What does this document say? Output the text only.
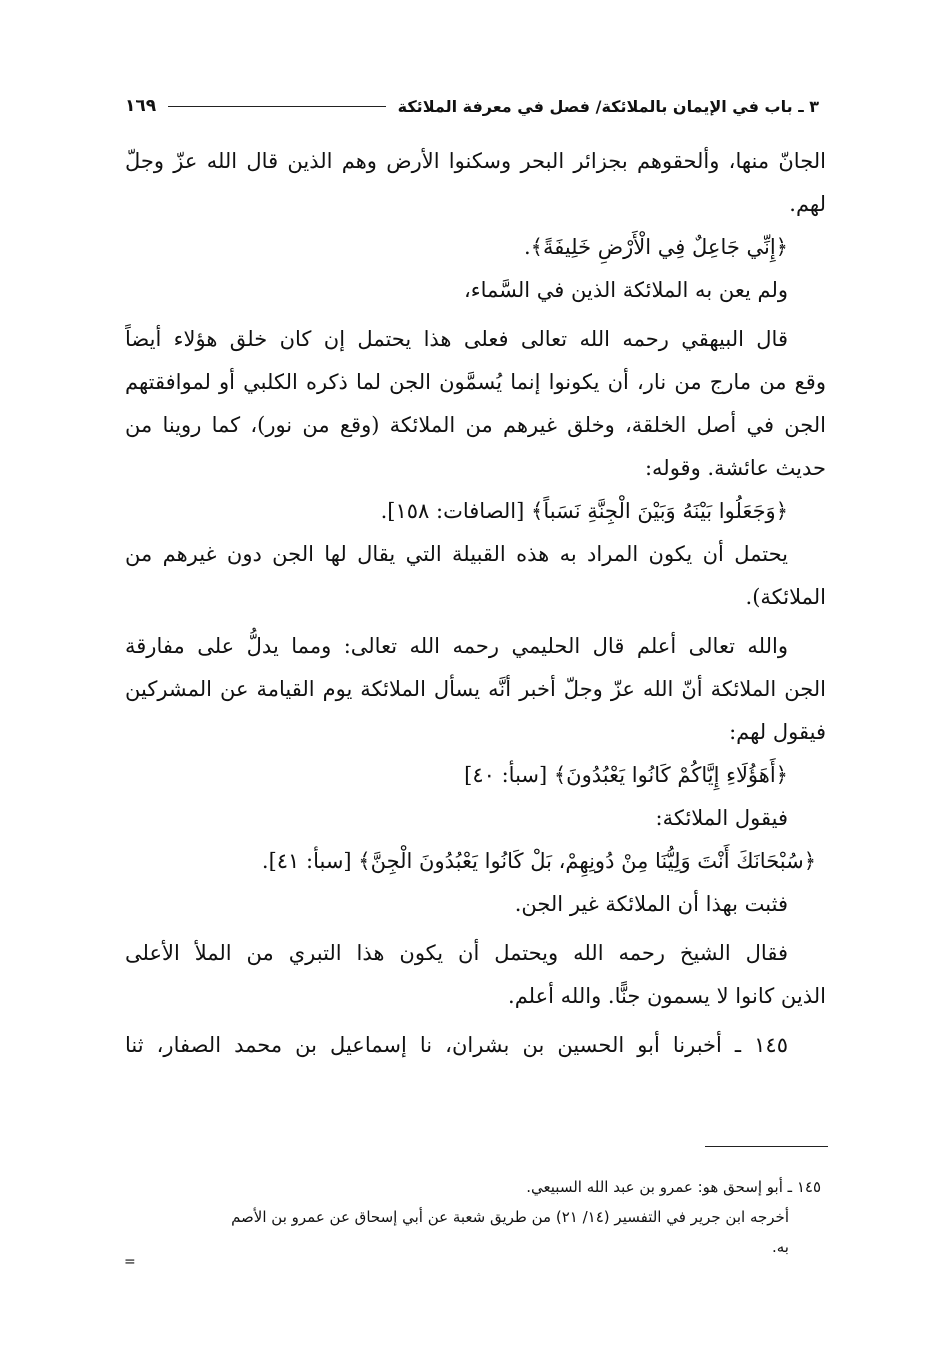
٣ ـ باب في الإيمان بالملائكة/ فصل في معرفة الملائكة
١٦٩
الجانّ منها، وألحقوهم بجزائر البحر وسكنوا الأرض وهم الذين قال الله عزّ وجلّ
لهم.
﴿إِنِّي جَاعِلٌ فِي الْأَرْضِ خَلِيفَةً﴾.
ولم يعن به الملائكة الذين في السَّماء،
قال البيهقي رحمه الله تعالى فعلى هذا يحتمل إن كان خلق هؤلاء أيضاً
وقع من مارج من نار، أن يكونوا إنما يُسمَّون الجن لما ذكره الكلبي أو لموافقتهم
الجن في أصل الخلقة، وخلق غيرهم من الملائكة (وقع من نور)، كما روينا من
حديث عائشة. وقوله:
﴿وَجَعَلُوا بَيْنَهُ وَبَيْنَ الْجِنَّةِ نَسَباً﴾ [الصافات: ١٥٨].
يحتمل أن يكون المراد به هذه القبيلة التي يقال لها الجن دون غيرهم من
الملائكة).
والله تعالى أعلم قال الحليمي رحمه الله تعالى: ومما يدلُّ على مفارقة
الجن الملائكة أنّ الله عزّ وجلّ أخبر أنَّه يسأل الملائكة يوم القيامة عن المشركين
فيقول لهم:
﴿أَهَؤُلَاءِ إِيَّاكُمْ كَانُوا يَعْبُدُونَ﴾ [سبأ: ٤٠]
فيقول الملائكة:
﴿سُبْحَانَكَ أَنْتَ وَلِيُّنَا مِنْ دُونِهِمْ، بَلْ كَانُوا يَعْبُدُونَ الْجِنَّ﴾ [سبأ: ٤١].
فثبت بهذا أن الملائكة غير الجن.
فقال الشيخ رحمه الله ويحتمل أن يكون هذا التبري من الملأ الأعلى
الذين كانوا لا يسمون جنًّا. والله أعلم.
١٤٥ ـ أخبرنا أبو الحسين بن بشران، نا إسماعيل بن محمد الصفار، ثنا
١٤٥ ـ أبو إسحق هو: عمرو بن عبد الله السبيعي.
أخرجه ابن جرير في التفسير (١٤/ ٢١) من طريق شعبة عن أبي إسحاق عن عمرو بن الأصم
به.
=
